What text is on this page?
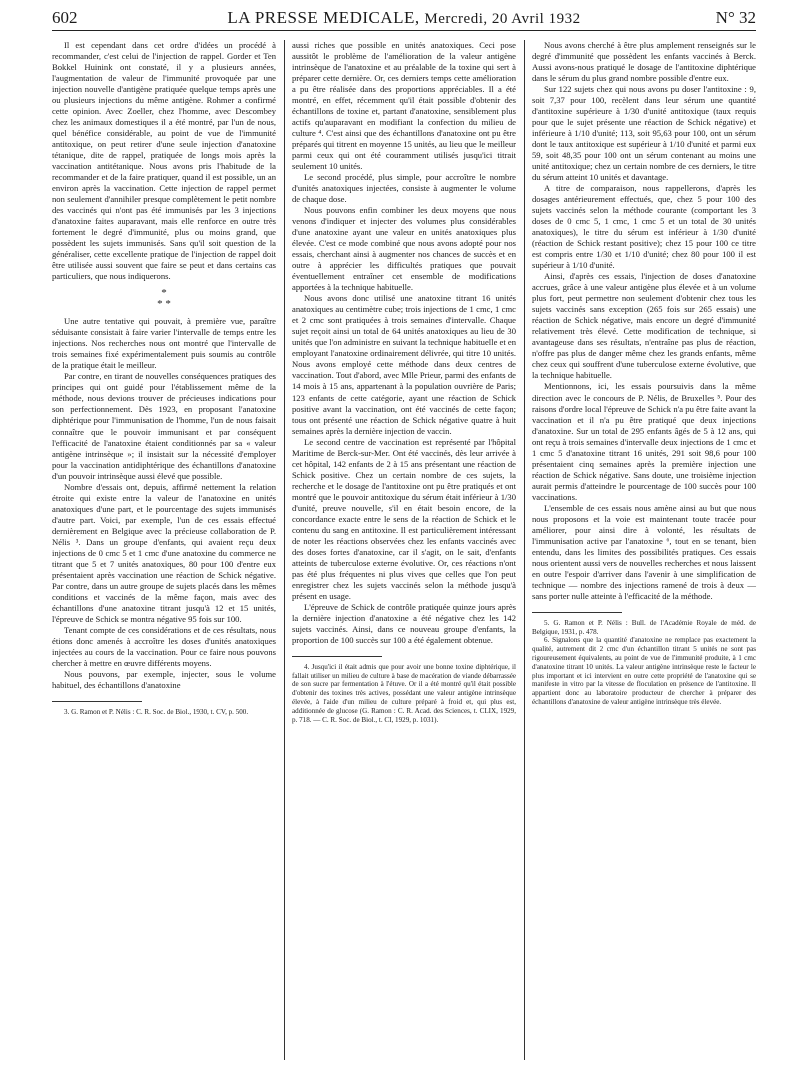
602	LA PRESSE MEDICALE, Mercredi, 20 Avril 1932	N° 32

Il est cependant dans cet ordre d'idées un procédé à recommander, c'est celui de l'injection de rappel. Gorder et Ten Bokkel Huinink ont constaté, il y a plusieurs années, l'augmentation de valeur de l'immunité provoquée par une injection nouvelle d'antigène pratiquée quelque temps après une ou plusieurs injections du même antigène. Rohmer a confirmé cette opinion. Avec Zoeller, chez l'homme, avec Descombey chez les animaux domestiques il a été montré, par l'un de nous, quel bénéfice considérable, au point de vue de l'immunité antitoxique, on peut retirer d'une seule injection d'anatoxine tétanique, dite de rappel, pratiquée de longs mois après la vaccination antitétanique. Nous avons pris l'habitude de la recommander et de la faire pratiquer, quand il est possible, un an environ après la vaccination. Cette injection de rappel permet non seulement d'annihiler presque complètement le petit nombre des vaccinés qui n'ont pas été immunisés par les 3 injections d'anatoxine faites auparavant, mais elle renforce en outre très fortement le degré d'immunité, plus ou moins grand, que possèdent les sujets immunisés. Sans qu'il soit question de la généraliser, cette excellente pratique de l'injection de rappel doit être utilisée aussi souvent que faire se peut et dans certains cas particuliers, que nous indiquerons.

*
* *

Une autre tentative qui pouvait, à première vue, paraître séduisante consistait à faire varier l'intervalle de temps entre les injections. Nos recherches nous ont montré que l'intervalle de trois semaines fixé expérimentalement puis soumis au contrôle de la pratique était le meilleur.

Par contre, en tirant de nouvelles conséquences pratiques des principes qui ont guidé pour l'établissement même de la méthode, nous devions trouver de précieuses indications pour son perfectionnement. Dès 1923, en proposant l'anatoxine diphtérique pour l'immunisation de l'homme, l'un de nous faisait connaître que le pouvoir immunisant et par conséquent l'efficacité de l'anatoxine étaient conditionnés par sa « valeur antigène intrinsèque »; il insistait sur la nécessité d'employer pour la vaccination antidiphtérique des échantillons d'anatoxine d'un pouvoir intrinsèque aussi élevé que possible.

Nombre d'essais ont, depuis, affirmé nettement la relation étroite qui existe entre la valeur de l'anatoxine en unités anatoxiques d'une part, et le pourcentage des sujets immunisés d'autre part. Voici, par exemple, l'un de ces essais effectué dernièrement en Belgique avec la précieuse collaboration de P. Nélis ³. Dans un groupe d'enfants, qui avaient reçu deux injections de 0 cmc 5 et 1 cmc d'une anatoxine du commerce ne titrant que 5 et 7 unités anatoxiques, 80 pour 100 d'entre eux présentaient après vaccination une réaction de Schick négative. Par contre, dans un autre groupe de sujets placés dans les mêmes conditions et vaccinés de la même façon, mais avec des échantillons d'une anatoxine titrant jusqu'à 12 et 15 unités, l'épreuve de Schick se montra négative 95 fois sur 100.

Tenant compte de ces considérations et de ces résultats, nous étions donc amenés à accroître les doses d'unités anatoxiques injectées au cours de la vaccination. Pour ce faire nous pouvons chercher à mettre en œuvre différents moyens.

Nous pouvons, par exemple, injecter, sous le volume habituel, des échantillons d'anatoxine

3. G. Ramon et P. Nélis : C. R. Soc. de Biol., 1930, t. CV, p. 500.

aussi riches que possible en unités anatoxiques. Ceci pose aussitôt le problème de l'amélioration de la valeur antigène intrinsèque de l'anatoxine et au préalable de la toxine qui sert à préparer cette dernière. Or, ces derniers temps cette amélioration a pu être réalisée dans des proportions appréciables. Il a été montré, en effet, récemment qu'il était possible d'obtenir des échantillons de toxine et, partant d'anatoxine, sensiblement plus actifs qu'auparavant en modifiant la confection du milieu de culture ⁴. C'est ainsi que des échantillons d'anatoxine ont pu être préparés qui titrent en moyenne 15 unités, au lieu que le meilleur parmi ceux qui ont été couramment utilisés jusqu'ici titrait seulement 10 unités.

Le second procédé, plus simple, pour accroître le nombre d'unités anatoxiques injectées, consiste à augmenter le volume de chaque dose.

Nous pouvons enfin combiner les deux moyens que nous venons d'indiquer et injecter des volumes plus considérables d'une anatoxine ayant une valeur en unités anatoxiques plus élevée. C'est ce mode combiné que nous avons adopté pour nos essais, cherchant ainsi à augmenter nos chances de succès et en outre à apprécier les difficultés pratiques que pouvait éventuellement entraîner cet ensemble de modifications apportées à la technique habituelle.

Nous avons donc utilisé une anatoxine titrant 16 unités anatoxiques au centimètre cube; trois injections de 1 cmc, 1 cmc et 2 cmc sont pratiquées à trois semaines d'intervalle. Chaque sujet reçoit ainsi un total de 64 unités anatoxiques au lieu de 30 unités que l'on administre en suivant la technique habituelle et en employant l'anatoxine ordinairement délivrée, qui titre 10 unités. Nous avons employé cette méthode dans deux centres de vaccination. Tout d'abord, avec Mlle Prieur, parmi des enfants de 14 mois à 15 ans, appartenant à la population ouvrière de Paris; 123 enfants de cette catégorie, ayant une réaction de Schick positive avant la vaccination, ont été vaccinés de cette façon; tous ont présenté une réaction de Schick négative quatre à huit semaines après la dernière injection de vaccin.

Le second centre de vaccination est représenté par l'hôpital Maritime de Berck-sur-Mer. Ont été vaccinés, dès leur arrivée à cet hôpital, 142 enfants de 2 à 15 ans présentant une réaction de Schick positive. Chez un certain nombre de ces sujets, la recherche et le dosage de l'antitoxine ont pu être pratiqués et ont montré que le pouvoir antitoxique du sérum était inférieur à 1/30 d'unité, preuve nouvelle, s'il en était besoin encore, de la concordance exacte entre le sens de la réaction de Schick et le contenu du sang en antitoxine. Il est particulièrement intéressant de noter les réactions observées chez les enfants vaccinés avec des doses fortes d'anatoxine, car il s'agit, on le sait, d'enfants atteints de tuberculose externe évolutive. Or, ces réactions n'ont pas été plus fréquentes ni plus vives que celles que l'on peut enregistrer chez les sujets vaccinés selon la méthode jusqu'à présent en usage.

L'épreuve de Schick de contrôle pratiquée quinze jours après la dernière injection d'anatoxine a été négative chez les 142 sujets vaccinés. Ainsi, dans ce nouveau groupe d'enfants, la proportion de 100 succès sur 100 a été également obtenue.

4. Jusqu'ici il était admis que pour avoir une bonne toxine diphtérique, il fallait utiliser un milieu de culture à base de macération de viande débarrassée de son sucre par fermentation à l'étuve. Or il a été montré qu'il était possible d'obtenir des toxines très actives, possédant une valeur antigène intrinsèque élevée, à l'aide d'un milieu de culture préparé à froid et, qui plus est, additionnée de glucose (G. Ramon : C. R. Acad. des Sciences, t. CLIX, 1929, p. 718. — C. R. Soc. de Biol., t. CI, 1929, p. 1031).

Nous avons cherché à être plus amplement renseignés sur le degré d'immunité que possèdent les enfants vaccinés à Berck. Aussi avons-nous pratiqué le dosage de l'antitoxine diphtérique dans le sérum du plus grand nombre possible d'entre eux.

Sur 122 sujets chez qui nous avons pu doser l'antitoxine : 9, soit 7,37 pour 100, recèlent dans leur sérum une quantité d'antitoxine supérieure à 1/30 d'unité antitoxique (taux requis pour que le sujet présente une réaction de Schick négative) et inférieure à 1/10 d'unité; 113, soit 95,63 pour 100, ont un sérum dont le taux antitoxique est supérieur à 1/10 d'unité et parmi eux 59, soit 48,35 pour 100 ont un sérum contenant au moins une unité antitoxique; chez un certain nombre de ces derniers, le titre du sérum atteint 10 unités et davantage.

A titre de comparaison, nous rappellerons, d'après les dosages antérieurement effectués, que, chez 5 pour 100 des sujets vaccinés selon la méthode courante (comportant les 3 doses de 0 cmc 5, 1 cmc, 1 cmc 5 et un total de 30 unités anatoxiques), le titre du sérum est inférieur à 1/30 d'unité (réaction de Schick restant positive); chez 15 pour 100 ce titre est compris entre 1/30 et 1/10 d'unité; chez 80 pour 100 il est supérieur à 1/10 d'unité.

Ainsi, d'après ces essais, l'injection de doses d'anatoxine accrues, grâce à une valeur antigène plus élevée et à un volume plus fort, peut permettre non seulement d'obtenir chez tous les sujets vaccinés sans exception (265 fois sur 265 essais) une réaction de Schick négative, mais encore un degré d'immunité relativement très élevé. Cette modification de technique, si avantageuse dans ses résultats, n'entraîne pas plus de réaction, n'offre pas plus de danger même chez les grands enfants, même chez ceux qui souffrent d'une tuberculose externe évolutive, que la technique habituelle.

Mentionnons, ici, les essais poursuivis dans la même direction avec le concours de P. Nélis, de Bruxelles ⁵. Pour des raisons d'ordre local l'épreuve de Schick n'a pu être faite avant la vaccination et il n'a pu être pratiqué que deux injections d'anatoxine. Sur un total de 295 enfants âgés de 5 à 12 ans, qui ont reçu à trois semaines d'intervalle deux injections de 1 cmc et 1 cmc 5 d'anatoxine titrant 16 unités, 291 soit 98,6 pour 100 présentaient cinq semaines après la première injection une réaction de Schick négative. Sans doute, une troisième injection aurait permis d'atteindre le pourcentage de 100 succès pour 100 vaccinations.

L'ensemble de ces essais nous amène ainsi au but que nous nous proposons et la voie est maintenant toute tracée pour améliorer, pour ainsi dire à volonté, les résultats de l'immunisation active par l'anatoxine ⁶, tout en se tenant, bien entendu, dans les limites des possibilités pratiques. Ces essais nous orientent aussi vers de nouvelles recherches et nous laissent en outre l'espoir d'arriver dans l'avenir à une simplification de technique — nombre des injections ramené de trois à deux — sans porter nulle atteinte à l'efficacité de la méthode.

5. G. Ramon et P. Nélis : Bull. de l'Académie Royale de méd. de Belgique, 1931, p. 478.

6. Signalons que la quantité d'anatoxine ne remplace pas exactement la qualité, autrement dit 2 cmc d'un échantillon titrant 5 unités ne sont pas rigoureusement équivalents, au point de vue de l'immunité produite, à 1 cmc d'anatoxine titrant 10 unités. La valeur antigène intrinsèque reste le facteur le plus important et ici intervient en outre cette propriété de l'anatoxine qui se manifeste in vitro par la vitesse de floculation en présence de l'antitoxine. Il appartient donc au laboratoire producteur de chercher à préparer des échantillons d'anatoxine de valeur antigène intrinsèque très élevée.
